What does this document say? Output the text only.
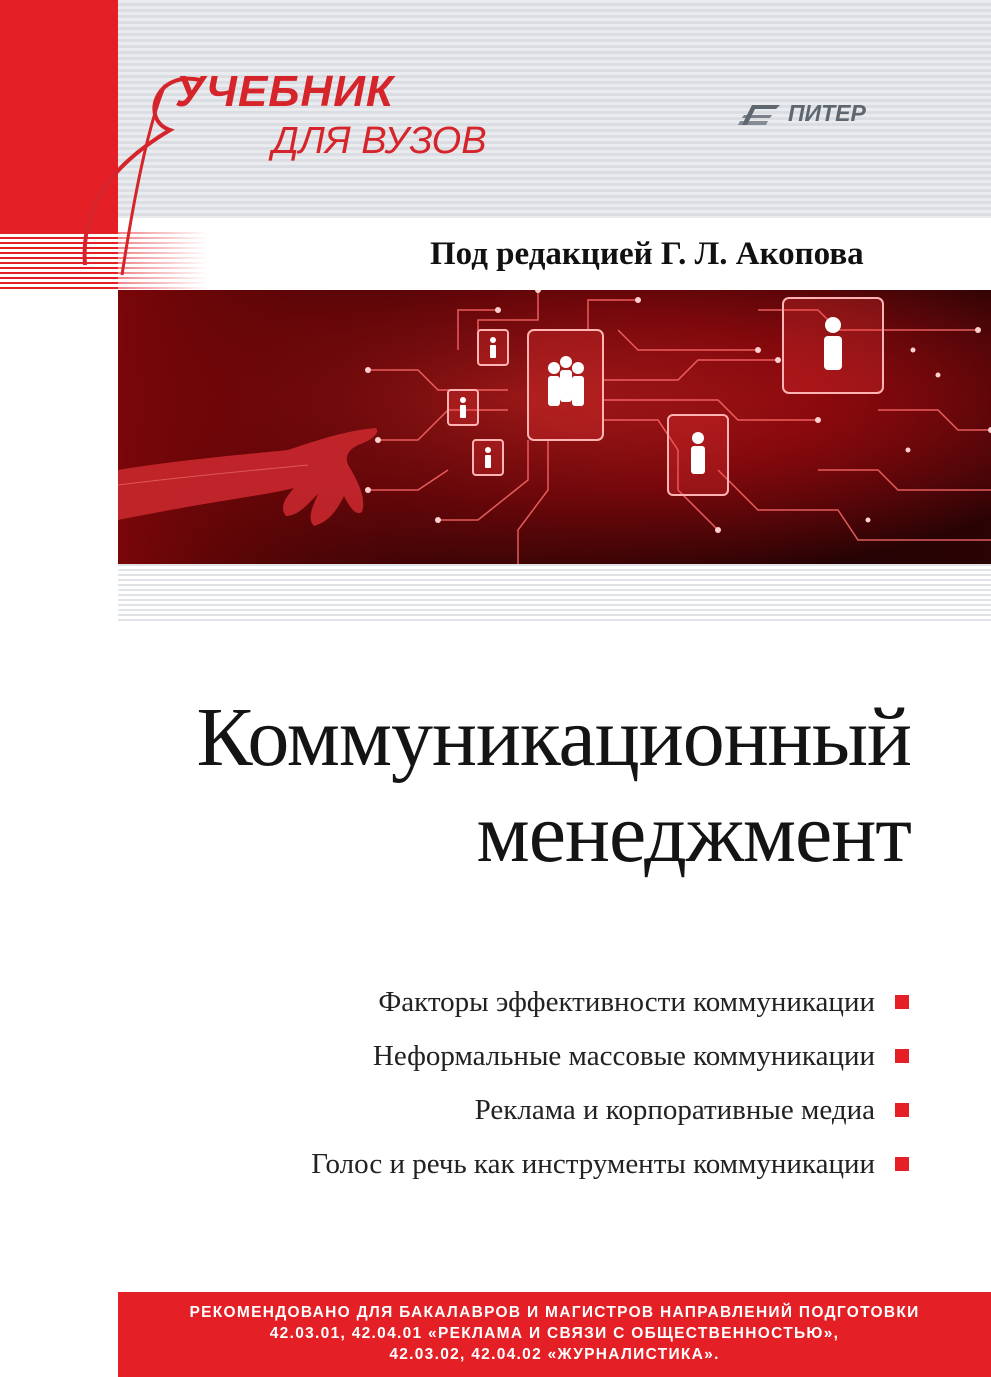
УЧЕБНИК
ДЛЯ ВУЗОВ
ПИТЕР
Под редакцией Г. Л. Акопова
Коммуникационный
менеджмент
Факторы эффективности коммуникации
Неформальные массовые коммуникации
Реклама и корпоративные медиа
Голос и речь как инструменты коммуникации
РЕКОМЕНДОВАНО ДЛЯ БАКАЛАВРОВ И МАГИСТРОВ НАПРАВЛЕНИЙ ПОДГОТОВКИ
42.03.01, 42.04.01 «РЕКЛАМА И СВЯЗИ С ОБЩЕСТВЕННОСТЬЮ»,
42.03.02, 42.04.02 «ЖУРНАЛИСТИКА».
